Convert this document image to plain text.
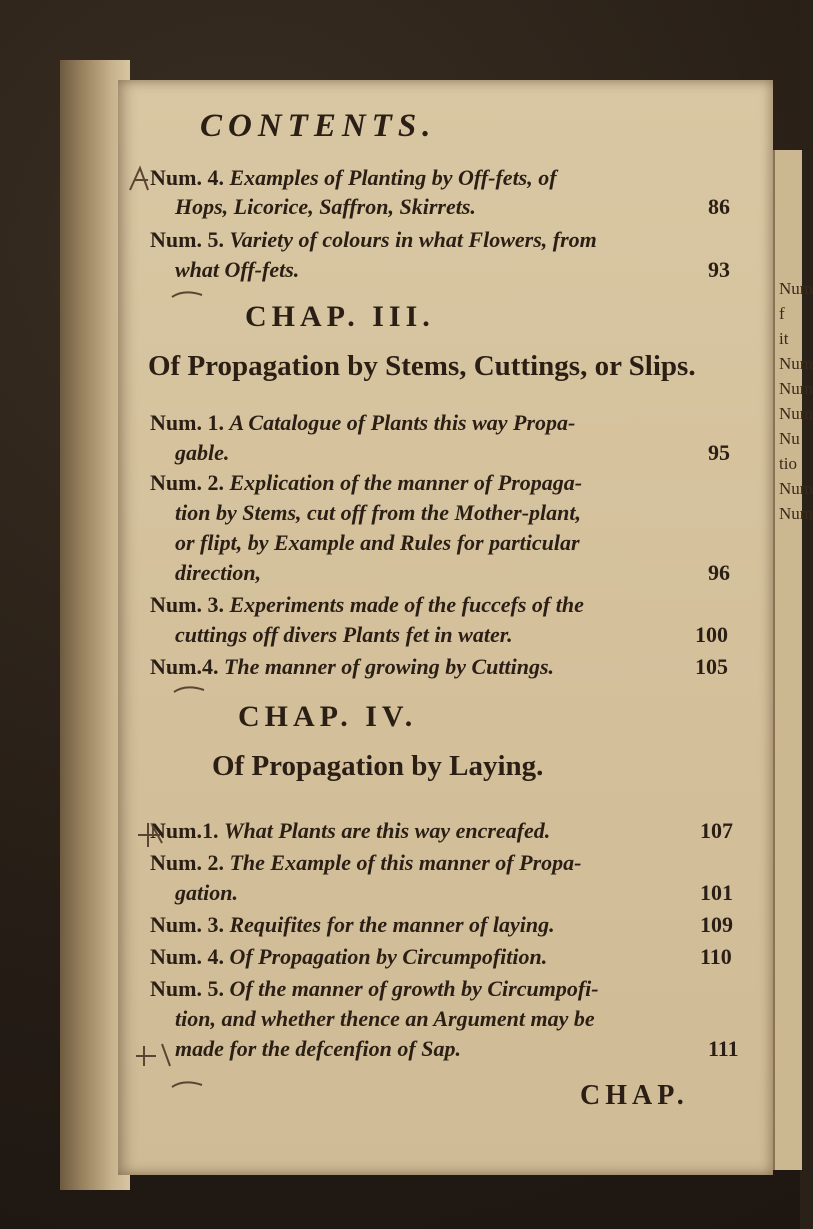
Num
f
it
Num
Num
Num
Nu
tio
Num
Num
CONTENTS.
Num. 4. Examples of Planting by Off-fets, of
Hops, Licorice, Saffron, Skirrets.	86
Num. 5. Variety of colours in what Flowers, from
what Off-fets.	93
CHAP. III.
Of Propagation by Stems, Cuttings, or Slips.
Num. 1. A Catalogue of Plants this way Propa-
gable.	95
Num. 2. Explication of the manner of Propaga-
tion by Stems, cut off from the Mother-plant,
or flipt, by Example and Rules for particular
direction,	96
Num. 3. Experiments made of the fuccefs of the
cuttings off divers Plants fet in water.	100
Num.4. The manner of growing by Cuttings.	105
CHAP. IV.
Of Propagation by Laying.
Num.1. What Plants are this way encreafed.	107
Num. 2. The Example of this manner of Propa-
gation.	101
Num. 3. Requifites for the manner of laying.	109
Num. 4. Of Propagation by Circumpofition.	110
Num. 5. Of the manner of growth by Circumpofi-
tion, and whether thence an Argument may be
made for the defcenfion of Sap.	111
CHAP.
